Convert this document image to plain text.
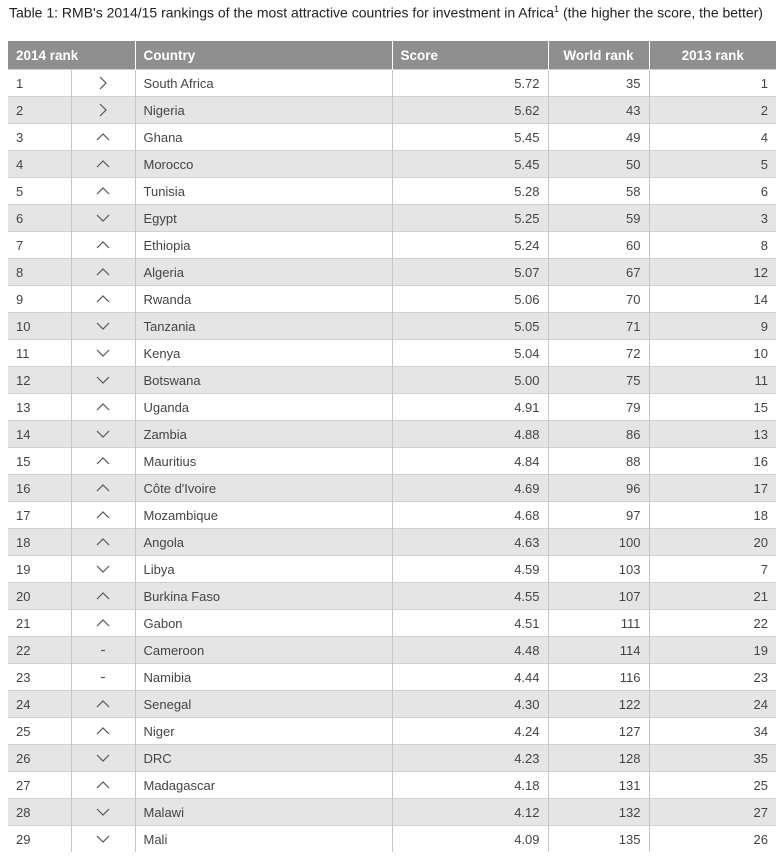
Table 1: RMB's 2014/15 rankings of the most attractive countries for investment in Africa$^1$ (the higher the score, the better)
2014 rank		Country	Score	World rank	2013 rank
1		South Africa	5.72	35	1
2		Nigeria	5.62	43	2
3		Ghana	5.45	49	4
4		Morocco	5.45	50	5
5		Tunisia	5.28	58	6
6		Egypt	5.25	59	3
7		Ethiopia	5.24	60	8
8		Algeria	5.07	67	12
9		Rwanda	5.06	70	14
10		Tanzania	5.05	71	9
11		Kenya	5.04	72	10
12		Botswana	5.00	75	11
13		Uganda	4.91	79	15
14		Zambia	4.88	86	13
15		Mauritius	4.84	88	16
16		Côte d'Ivoire	4.69	96	17
17		Mozambique	4.68	97	18
18		Angola	4.63	100	20
19		Libya	4.59	103	7
20		Burkina Faso	4.55	107	21
21		Gabon	4.51	111	22
22		Cameroon	4.48	114	19
23		Namibia	4.44	116	23
24		Senegal	4.30	122	24
25		Niger	4.24	127	34
26		DRC	4.23	128	35
27		Madagascar	4.18	131	25
28		Malawi	4.12	132	27
29		Mali	4.09	135	26
